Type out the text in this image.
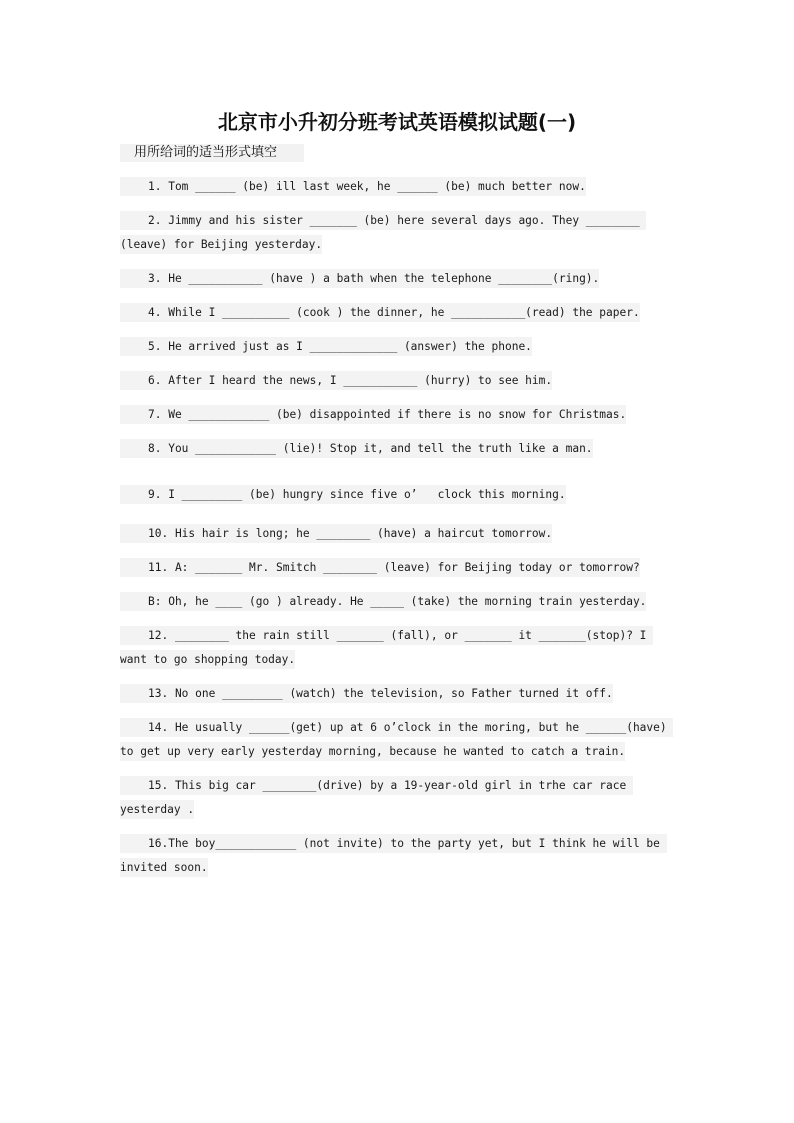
北京市小升初分班考试英语模拟试题(一)
用所给词的适当形式填空
1. Tom ______ (be) ill last week, he ______ (be) much better now.
2. Jimmy and his sister _______ (be) here several days ago. They ________ (leave) for Beijing yesterday.
3. He ___________ (have ) a bath when the telephone ________(ring).
4. While I __________ (cook ) the dinner, he ___________(read) the paper.
5. He arrived just as I _____________ (answer) the phone.
6. After I heard the news, I ___________ (hurry) to see him.
7. We ____________ (be) disappointed if there is no snow for Christmas.
8. You ____________ (lie)! Stop it, and tell the truth like a man.
9. I _________ (be) hungry since five o’   clock this morning.
10. His hair is long; he ________ (have) a haircut tomorrow.
11. A: _______ Mr. Smitch ________ (leave) for Beijing today or tomorrow?
B: Oh, he ____ (go ) already. He _____ (take) the morning train yesterday.
12. ________ the rain still _______ (fall), or _______ it _______(stop)? I want to go shopping today.
13. No one _________ (watch) the television, so Father turned it off.
14. He usually ______(get) up at 6 o’clock in the moring, but he ______(have) to get up very early yesterday morning, because he wanted to catch a train.
15. This big car ________(drive) by a 19-year-old girl in trhe car race yesterday .
16.The boy____________ (not invite) to the party yet, but I think he will be invited soon.
